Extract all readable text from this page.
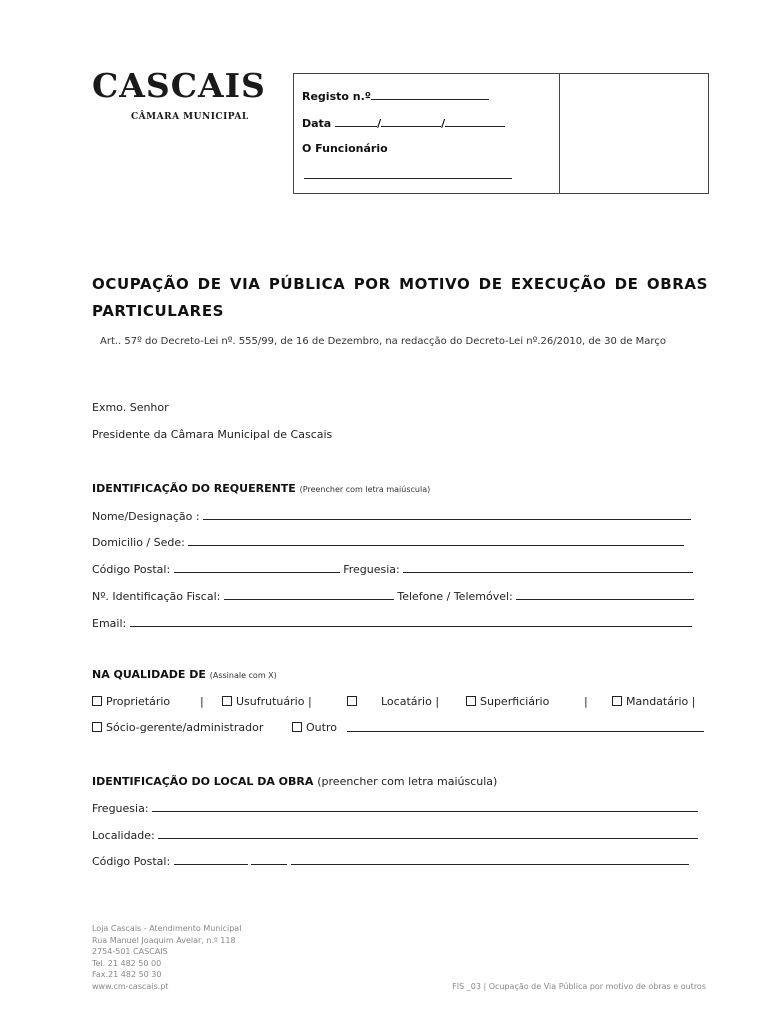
CASCAIS
CÂMARA MUNICIPAL
Registo n.º
Data	/	/
O Funcionário
OCUPAÇÃO DE VIA PÚBLICA POR MOTIVO DE EXECUÇÃO DE OBRAS PARTICULARES
Art.. 57º do Decreto-Lei nº. 555/99, de 16 de Dezembro, na redacção do Decreto-Lei nº.26/2010, de 30 de Março
Exmo. Senhor
Presidente da Câmara Municipal de Cascais
IDENTIFICAÇÃO DO REQUERENTE (Preencher com letra maiúscula)
Nome/Designação :
Domicilio / Sede:
Código Postal:	Freguesia:
Nº. Identificação Fiscal:	Telefone / Telemóvel:
Email:
NA QUALIDADE DE (Assinale com X)
Proprietário	|	Usufrutuário |	Locatário |	Superficiário	|	Mandatário |
Sócio-gerente/administrador	Outro
IDENTIFICAÇÃO DO LOCAL DA OBRA (preencher com letra maiúscula)
Freguesia:
Localidade:
Código Postal:
Loja Cascais - Atendimento Municipal
Rua Manuel Joaquim Avelar, n.º 118
2754-501 CASCAIS
Tel. 21 482 50 00
Fax.21 482 50 30
www.cm-cascais.pt	FIS _03 | Ocupação de Via Pública por motivo de obras e outros
